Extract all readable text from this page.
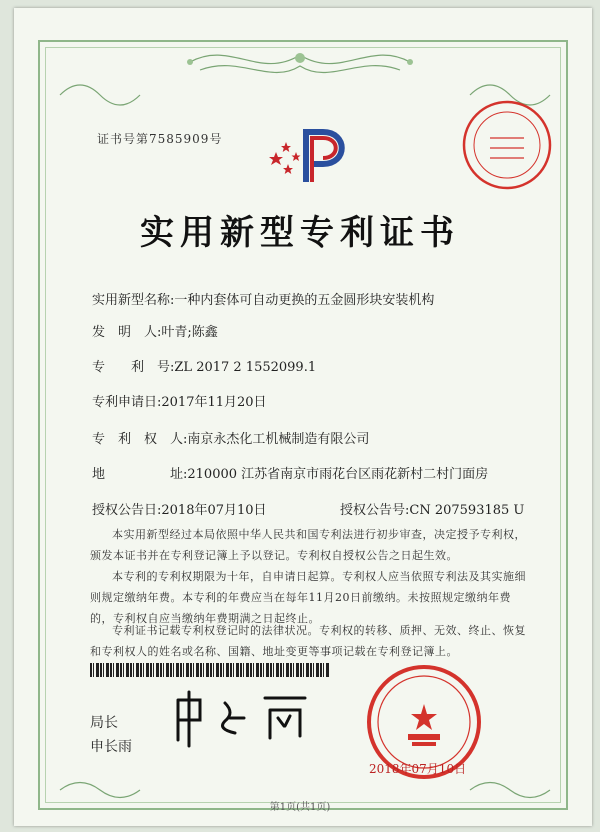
证书号第7585909号
实用新型专利证书
实用新型名称:一种内套体可自动更换的五金圆形块安装机构
发　明　人:叶青;陈鑫
专　　利　号:ZL 2017 2 1552099.1
专利申请日:2017年11月20日
专　利　权　人:南京永杰化工机械制造有限公司
地　　　　　址:210000 江苏省南京市雨花台区雨花新村二村门面房
授权公告日:2018年07月10日	授权公告号:CN 207593185 U
本实用新型经过本局依照中华人民共和国专利法进行初步审查，决定授予专利权，颁发本证书并在专利登记簿上予以登记。专利权自授权公告之日起生效。
本专利的专利权期限为十年，自申请日起算。专利权人应当依照专利法及其实施细则规定缴纳年费。本专利的年费应当在每年11月20日前缴纳。未按照规定缴纳年费的，专利权自应当缴纳年费期满之日起终止。
专利证书记载专利权登记时的法律状况。专利权的转移、质押、无效、终止、恢复和专利权人的姓名或名称、国籍、地址变更等事项记载在专利登记簿上。
局长
申长雨
2018年07月10日
第1页(共1页)
